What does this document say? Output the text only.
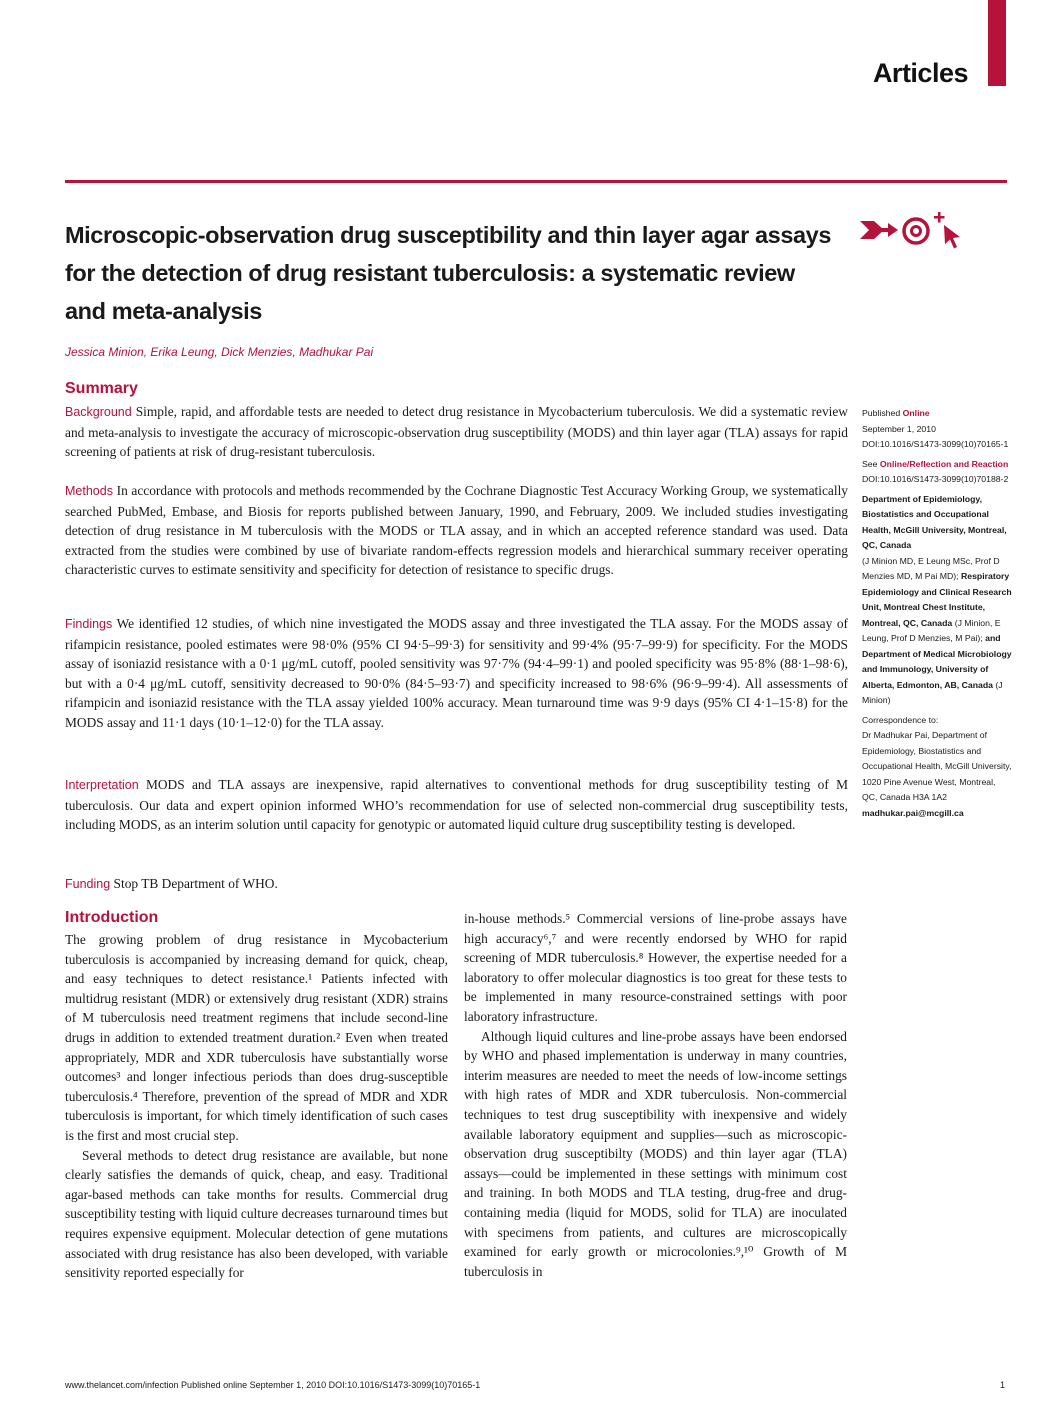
Articles
Microscopic-observation drug susceptibility and thin layer agar assays for the detection of drug resistant tuberculosis: a systematic review and meta-analysis
Jessica Minion, Erika Leung, Dick Menzies, Madhukar Pai
Summary

Background Simple, rapid, and affordable tests are needed to detect drug resistance in Mycobacterium tuberculosis. We did a systematic review and meta-analysis to investigate the accuracy of microscopic-observation drug susceptibility (MODS) and thin layer agar (TLA) assays for rapid screening of patients at risk of drug-resistant tuberculosis.

Methods In accordance with protocols and methods recommended by the Cochrane Diagnostic Test Accuracy Working Group, we systematically searched PubMed, Embase, and Biosis for reports published between January, 1990, and February, 2009. We included studies investigating detection of drug resistance in M tuberculosis with the MODS or TLA assay, and in which an accepted reference standard was used. Data extracted from the studies were combined by use of bivariate random-effects regression models and hierarchical summary receiver operating characteristic curves to estimate sensitivity and specificity for detection of resistance to specific drugs.

Findings We identified 12 studies, of which nine investigated the MODS assay and three investigated the TLA assay. For the MODS assay of rifampicin resistance, pooled estimates were 98·0% (95% CI 94·5–99·3) for sensitivity and 99·4% (95·7–99·9) for specificity. For the MODS assay of isoniazid resistance with a 0·1 μg/mL cutoff, pooled sensitivity was 97·7% (94·4–99·1) and pooled specificity was 95·8% (88·1–98·6), but with a 0·4 μg/mL cutoff, sensitivity decreased to 90·0% (84·5–93·7) and specificity increased to 98·6% (96·9–99·4). All assessments of rifampicin and isoniazid resistance with the TLA assay yielded 100% accuracy. Mean turnaround time was 9·9 days (95% CI 4·1–15·8) for the MODS assay and 11·1 days (10·1–12·0) for the TLA assay.

Interpretation MODS and TLA assays are inexpensive, rapid alternatives to conventional methods for drug susceptibility testing of M tuberculosis. Our data and expert opinion informed WHO’s recommendation for use of selected non-commercial drug susceptibility tests, including MODS, as an interim solution until capacity for genotypic or automated liquid culture drug susceptibility testing is developed.

Funding Stop TB Department of WHO.

Published Online
September 1, 2010
DOI:10.1016/S1473-3099(10)70165-1
See Online/Reflection and Reaction
DOI:10.1016/S1473-3099(10)70188-2
Department of Epidemiology, Biostatistics and Occupational Health, McGill University, Montreal, QC, Canada
(J Minion MD, E Leung MSc, Prof D Menzies MD, M Pai MD); Respiratory Epidemiology and Clinical Research Unit, Montreal Chest Institute, Montreal, QC, Canada (J Minion, E Leung, Prof D Menzies, M Pai); and Department of Medical Microbiology and Immunology, University of Alberta, Edmonton, AB, Canada (J Minion)
Correspondence to:
Dr Madhukar Pai, Department of Epidemiology, Biostatistics and Occupational Health, McGill University, 1020 Pine Avenue West, Montreal, QC, Canada H3A 1A2
madhukar.pai@mcgill.ca
Introduction

The growing problem of drug resistance in Mycobacterium tuberculosis is accompanied by increasing demand for quick, cheap, and easy techniques to detect resistance.¹ Patients infected with multidrug resistant (MDR) or extensively drug resistant (XDR) strains of M tuberculosis need treatment regimens that include second-line drugs in addition to extended treatment duration.² Even when treated appropriately, MDR and XDR tuberculosis have substantially worse outcomes³ and longer infectious periods than does drug-susceptible tuberculosis.⁴ Therefore, prevention of the spread of MDR and XDR tuberculosis is important, for which timely identification of such cases is the first and most crucial step.

Several methods to detect drug resistance are available, but none clearly satisfies the demands of quick, cheap, and easy. Traditional agar-based methods can take months for results. Commercial drug susceptibility testing with liquid culture decreases turnaround times but requires expensive equipment. Molecular detection of gene mutations associated with drug resistance has also been developed, with variable sensitivity reported especially for

in-house methods.⁵ Commercial versions of line-probe assays have high accuracy⁶,⁷ and were recently endorsed by WHO for rapid screening of MDR tuberculosis.⁸ However, the expertise needed for a laboratory to offer molecular diagnostics is too great for these tests to be implemented in many resource-constrained settings with poor laboratory infrastructure.

Although liquid cultures and line-probe assays have been endorsed by WHO and phased implementation is underway in many countries, interim measures are needed to meet the needs of low-income settings with high rates of MDR and XDR tuberculosis. Non-commercial techniques to test drug susceptibility with inexpensive and widely available laboratory equipment and supplies—such as microscopic-observation drug susceptibilty (MODS) and thin layer agar (TLA) assays—could be implemented in these settings with minimum cost and training. In both MODS and TLA testing, drug-free and drug-containing media (liquid for MODS, solid for TLA) are inoculated with specimens from patients, and cultures are microscopically examined for early growth or microcolonies.⁹,¹⁰ Growth of M tuberculosis in

www.thelancet.com/infection Published online September 1, 2010 DOI:10.1016/S1473-3099(10)70165-1	1
